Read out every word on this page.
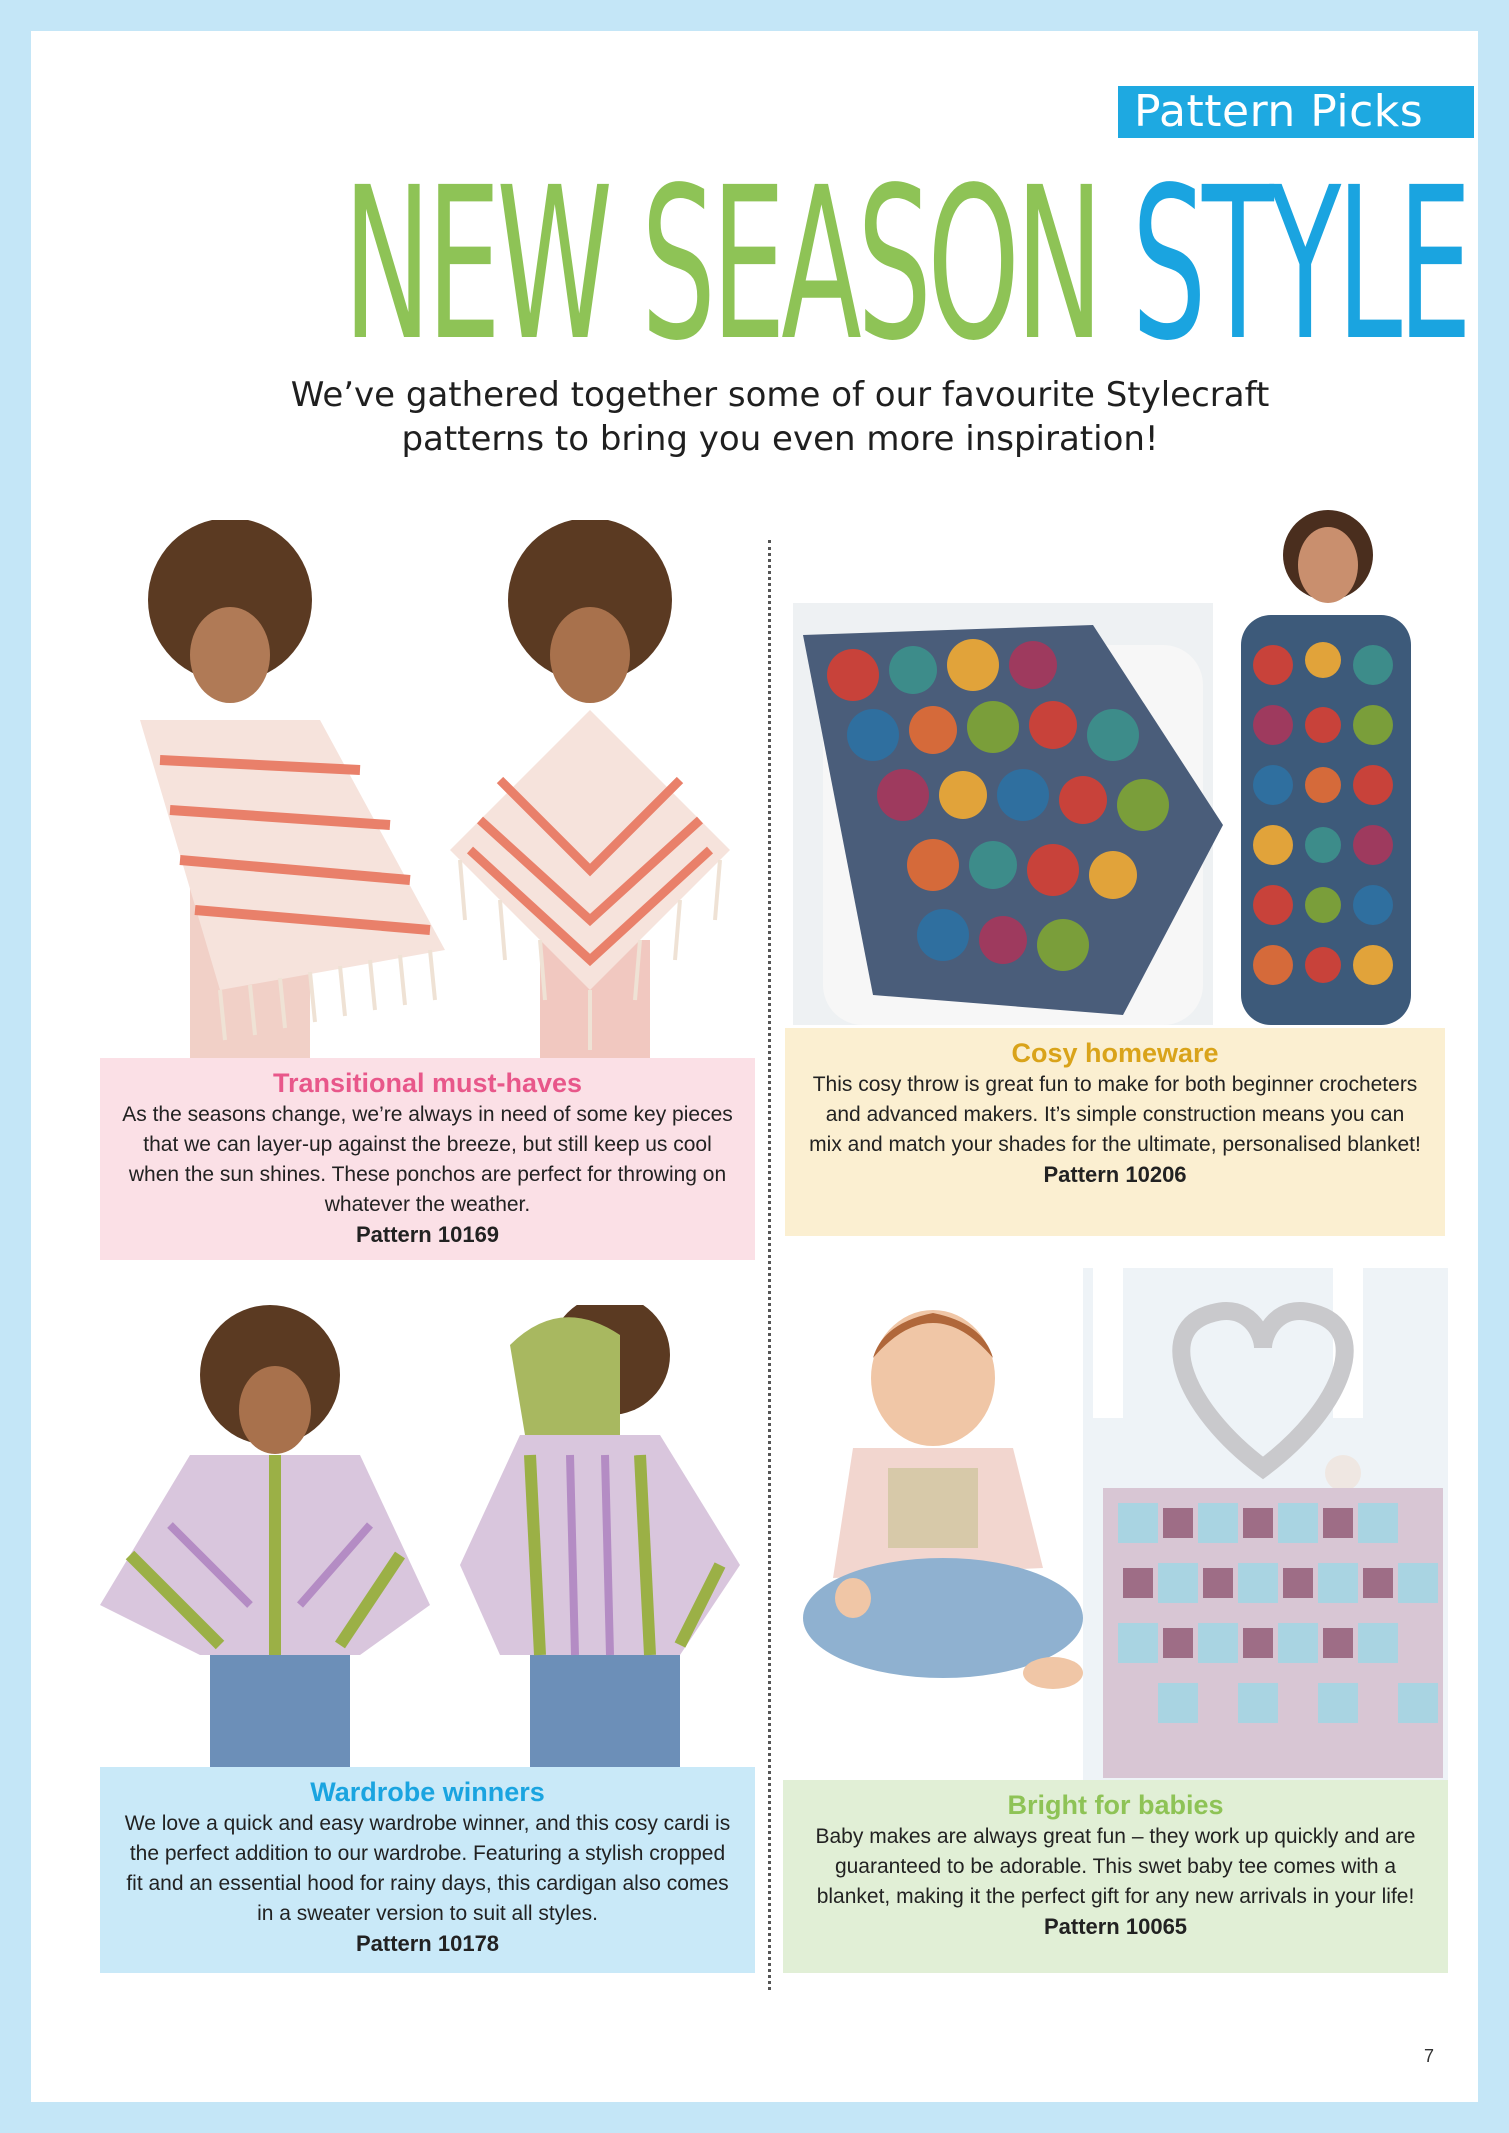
Pattern Picks
NEW SEASON STYLE
We’ve gathered together some of our favourite Stylecraft
patterns to bring you even more inspiration!
Transitional must-haves

As the seasons change, we’re always in need of some key pieces that we can layer-up against the breeze, but still keep us cool when the sun shines. These ponchos are perfect for throwing on whatever the weather.

Pattern 10169
Cosy homeware

This cosy throw is great fun to make for both beginner crocheters and advanced makers. It’s simple construction means you can mix and match your shades for the ultimate, personalised blanket!

Pattern 10206
Wardrobe winners

We love a quick and easy wardrobe winner, and this cosy cardi is the perfect addition to our wardrobe. Featuring a stylish cropped fit and an essential hood for rainy days, this cardigan also comes in a sweater version to suit all styles.

Pattern 10178
Bright for babies

Baby makes are always great fun – they work up quickly and are guaranteed to be adorable. This swet baby tee comes with a blanket, making it the perfect gift for any new arrivals in your life!

Pattern 10065
7
